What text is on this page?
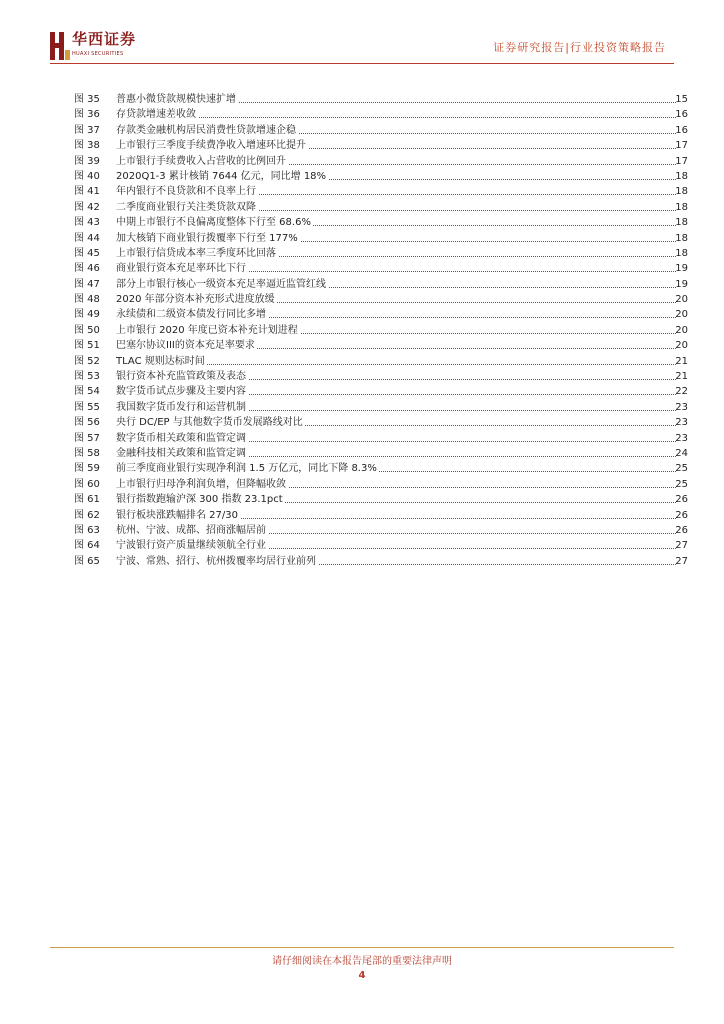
华西证券
HUAXI SECURITIES	证券研究报告|行业投资策略报告
图 35	普惠小微贷款规模快速扩增	15
图 36	存贷款增速差收敛	16
图 37	存款类金融机构居民消费性贷款增速企稳	16
图 38	上市银行三季度手续费净收入增速环比提升	17
图 39	上市银行手续费收入占营收的比例回升	17
图 40	2020Q1-3 累计核销 7644 亿元，同比增 18%	18
图 41	年内银行不良贷款和不良率上行	18
图 42	二季度商业银行关注类贷款双降	18
图 43	中期上市银行不良偏离度整体下行至 68.6%	18
图 44	加大核销下商业银行拨覆率下行至 177%	18
图 45	上市银行信贷成本率三季度环比回落	18
图 46	商业银行资本充足率环比下行	19
图 47	部分上市银行核心一级资本充足率逼近监管红线	19
图 48	2020 年部分资本补充形式进度放缓	20
图 49	永续债和二级资本债发行同比多增	20
图 50	上市银行 2020 年度已资本补充计划进程	20
图 51	巴塞尔协议III的资本充足率要求	20
图 52	TLAC 规则达标时间	21
图 53	银行资本补充监管政策及表态	21
图 54	数字货币试点步骤及主要内容	22
图 55	我国数字货币发行和运营机制	23
图 56	央行 DC/EP 与其他数字货币发展路线对比	23
图 57	数字货币相关政策和监管定调	23
图 58	金融科技相关政策和监管定调	24
图 59	前三季度商业银行实现净利润 1.5 万亿元，同比下降 8.3%	25
图 60	上市银行归母净利润负增，但降幅收敛	25
图 61	银行指数跑输沪深 300 指数 23.1pct	26
图 62	银行板块涨跌幅排名 27/30	26
图 63	杭州、宁波、成都、招商涨幅居前	26
图 64	宁波银行资产质量继续领航全行业	27
图 65	宁波、常熟、招行、杭州拨覆率均居行业前列	27
请仔细阅读在本报告尾部的重要法律声明
4
